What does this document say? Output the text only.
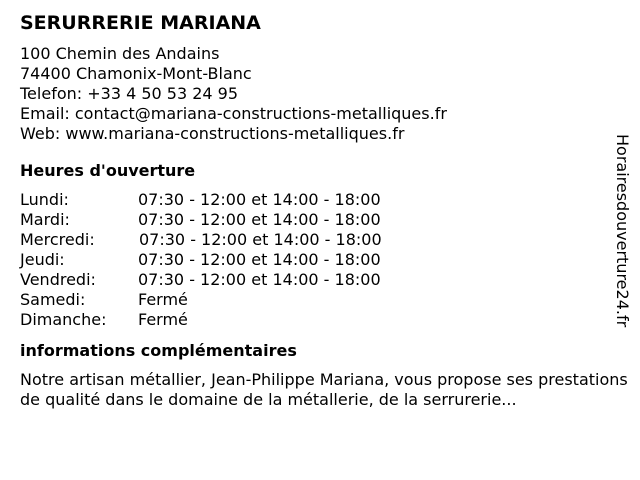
SERURRERIE MARIANA
100 Chemin des Andains
74400 Chamonix-Mont-Blanc
Telefon: +33 4 50 53 24 95
Email: contact@mariana-constructions-metalliques.fr
Web: www.mariana-constructions-metalliques.fr
Heures d'ouverture
Lundi:	07:30 - 12:00 et 14:00 - 18:00
Mardi:	07:30 - 12:00 et 14:00 - 18:00
Mercredi:	07:30 - 12:00 et 14:00 - 18:00
Jeudi:	07:30 - 12:00 et 14:00 - 18:00
Vendredi:	07:30 - 12:00 et 14:00 - 18:00
Samedi:	Fermé
Dimanche: Fermé
informations complémentaires
Notre artisan métallier, Jean-Philippe Mariana, vous propose ses prestations de qualité dans le domaine de la métallerie, de la serrurerie...
Horairesdouverture24.fr
